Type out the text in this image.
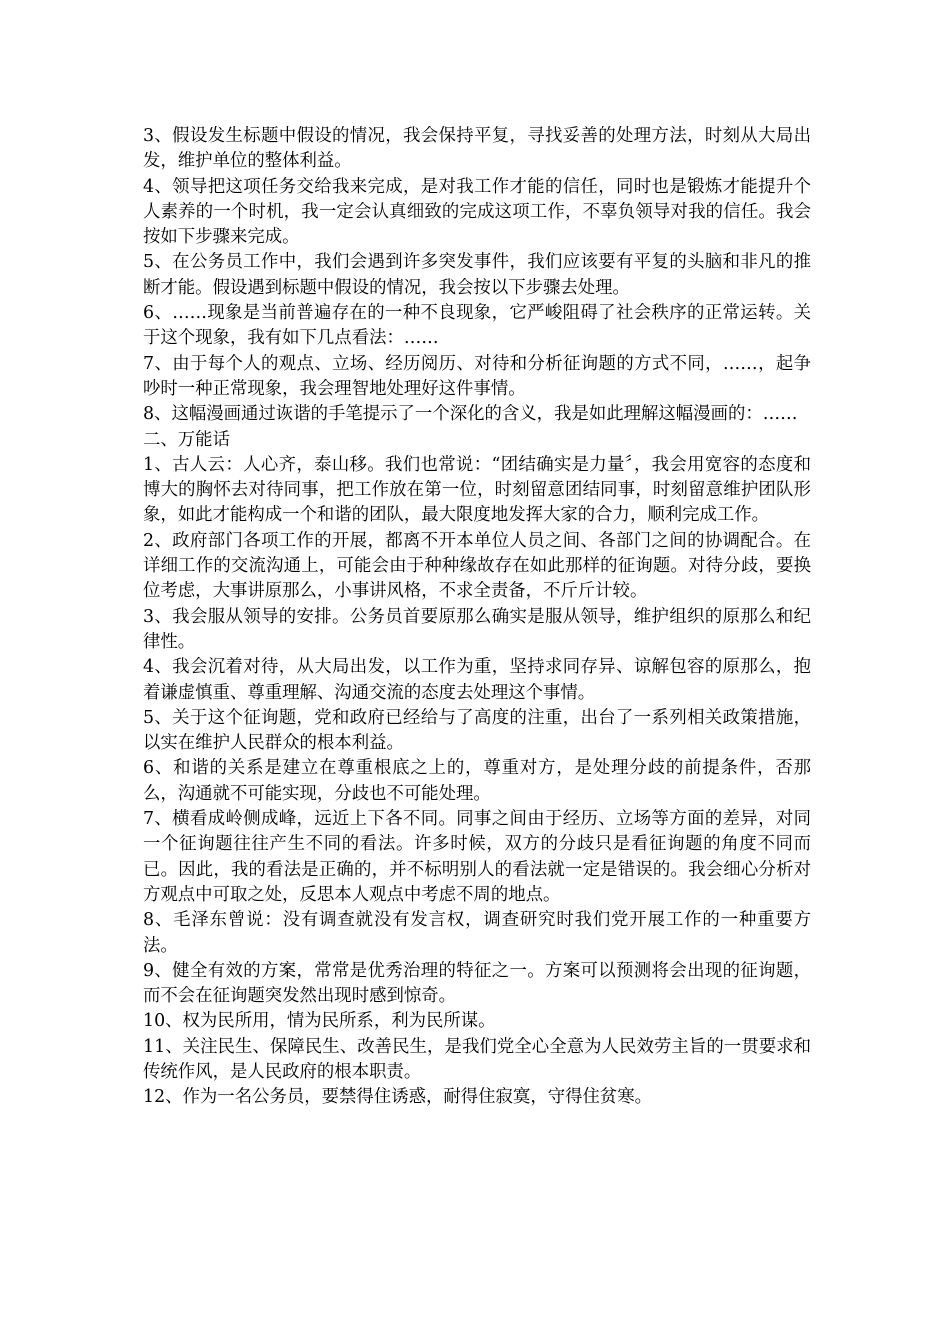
3、假设发生标题中假设的情况，我会保持平复，寻找妥善的处理方法，时刻从大局出发，维护单位的整体利益。

4、领导把这项任务交给我来完成，是对我工作才能的信任，同时也是锻炼才能提升个人素养的一个时机，我一定会认真细致的完成这项工作，不辜负领导对我的信任。我会按如下步骤来完成。

5、在公务员工作中，我们会遇到许多突发事件，我们应该要有平复的头脑和非凡的推断才能。假设遇到标题中假设的情况，我会按以下步骤去处理。

6、……现象是当前普遍存在的一种不良现象，它严峻阻碍了社会秩序的正常运转。关于这个现象，我有如下几点看法：……

7、由于每个人的观点、立场、经历阅历、对待和分析征询题的方式不同，……，起争吵时一种正常现象，我会理智地处理好这件事情。

8、这幅漫画通过诙谐的手笔提示了一个深化的含义，我是如此理解这幅漫画的：……

二、万能话

1、古人云：人心齐，泰山移。我们也常说：“团结确实是力量〞，我会用宽容的态度和博大的胸怀去对待同事，把工作放在第一位，时刻留意团结同事，时刻留意维护团队形象，如此才能构成一个和谐的团队，最大限度地发挥大家的合力，顺利完成工作。

2、政府部门各项工作的开展，都离不开本单位人员之间、各部门之间的协调配合。在详细工作的交流沟通上，可能会由于种种缘故存在如此那样的征询题。对待分歧，要换位考虑，大事讲原那么，小事讲风格，不求全责备，不斤斤计较。

3、我会服从领导的安排。公务员首要原那么确实是服从领导，维护组织的原那么和纪律性。

4、我会沉着对待，从大局出发，以工作为重，坚持求同存异、谅解包容的原那么，抱着谦虚慎重、尊重理解、沟通交流的态度去处理这个事情。

5、关于这个征询题，党和政府已经给与了高度的注重，出台了一系列相关政策措施，以实在维护人民群众的根本利益。

6、和谐的关系是建立在尊重根底之上的，尊重对方，是处理分歧的前提条件，否那么，沟通就不可能实现，分歧也不可能处理。

7、横看成岭侧成峰，远近上下各不同。同事之间由于经历、立场等方面的差异，对同一个征询题往往产生不同的看法。许多时候，双方的分歧只是看征询题的角度不同而已。因此，我的看法是正确的，并不标明别人的看法就一定是错误的。我会细心分析对方观点中可取之处，反思本人观点中考虑不周的地点。

8、毛泽东曾说：没有调查就没有发言权，调查研究时我们党开展工作的一种重要方法。

9、健全有效的方案，常常是优秀治理的特征之一。方案可以预测将会出现的征询题，而不会在征询题突发然出现时感到惊奇。

10、权为民所用，情为民所系，利为民所谋。

11、关注民生、保障民生、改善民生，是我们党全心全意为人民效劳主旨的一贯要求和传统作风，是人民政府的根本职责。

12、作为一名公务员，要禁得住诱惑，耐得住寂寞，守得住贫寒。
